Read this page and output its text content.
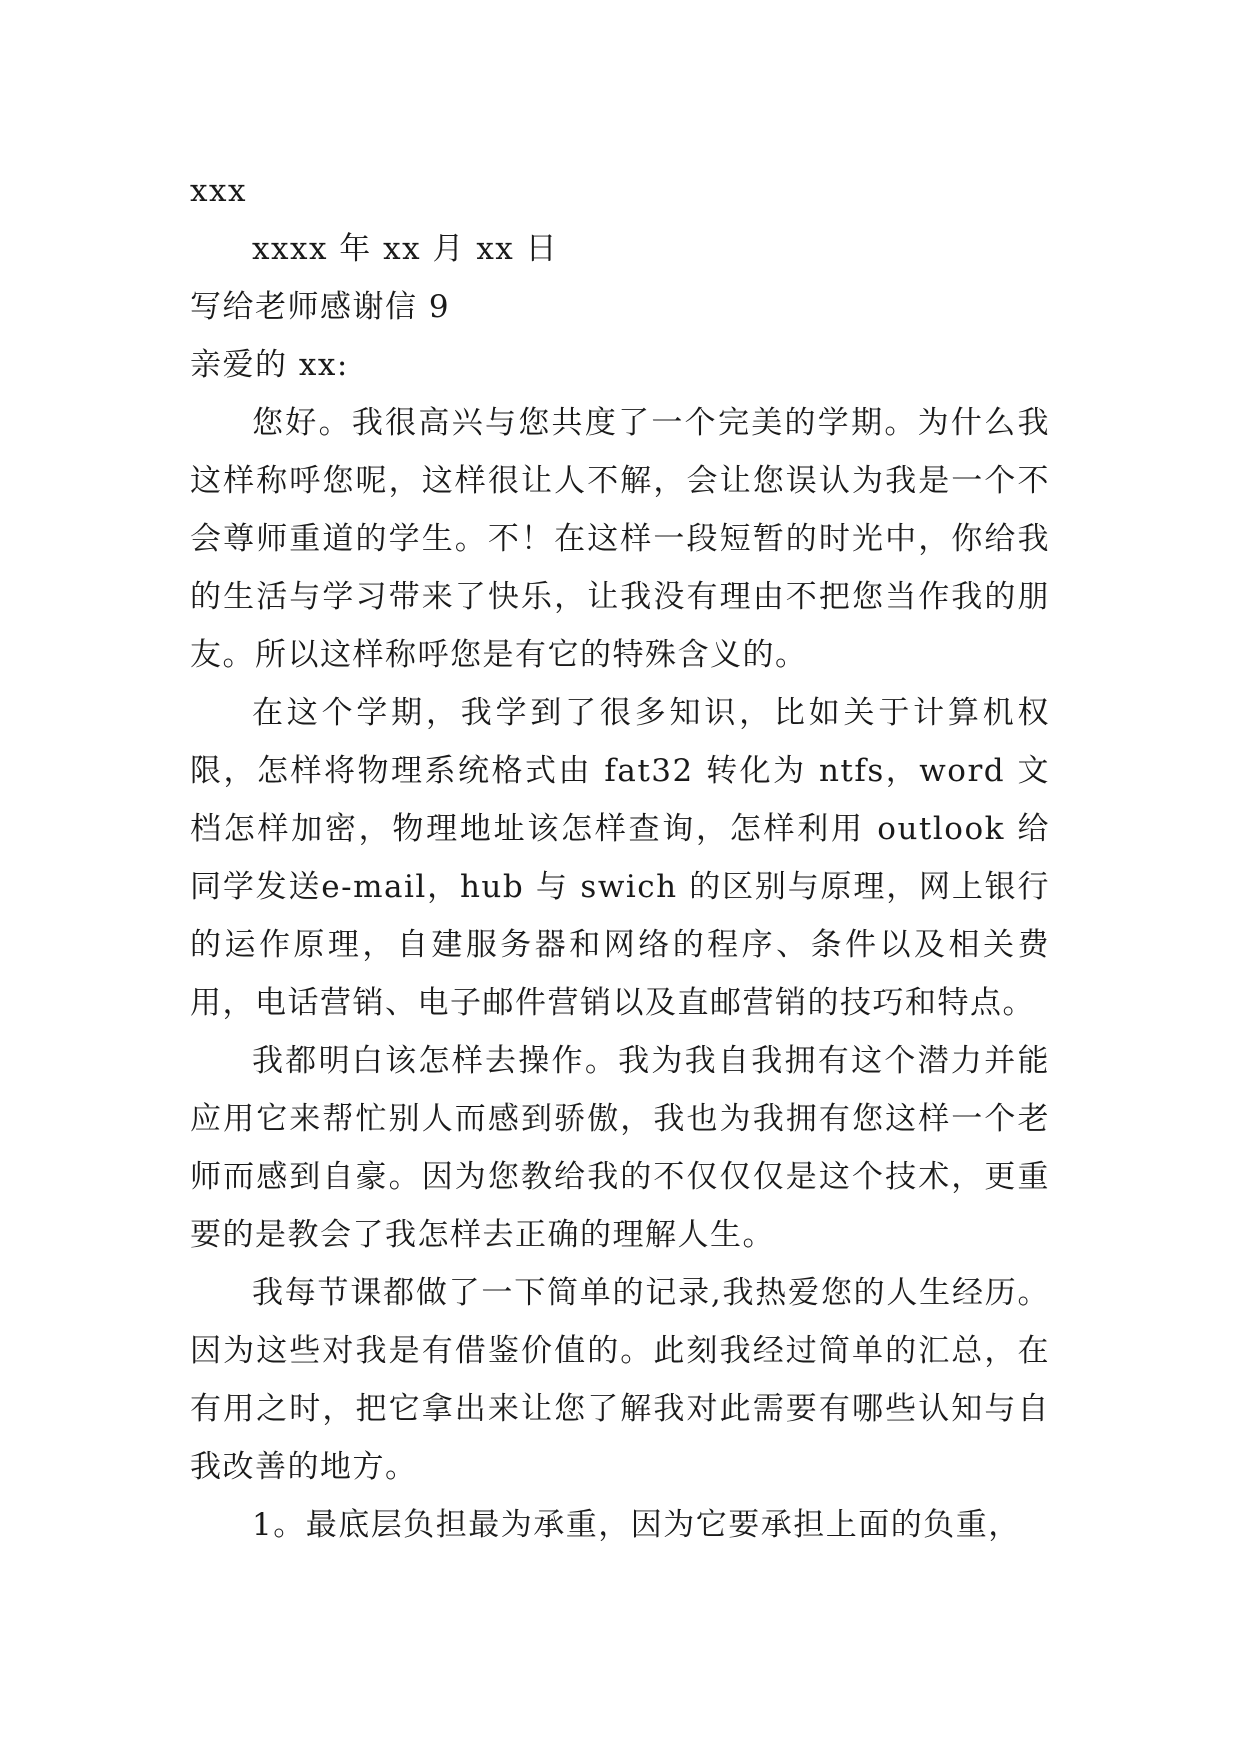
xxx

xxxx 年 xx 月 xx 日

写给老师感谢信 9

亲爱的 xx:

您好。我很高兴与您共度了一个完美的学期。为什么我这样称呼您呢，这样很让人不解，会让您误认为我是一个不会尊师重道的学生。不！在这样一段短暂的时光中，你给我的生活与学习带来了快乐，让我没有理由不把您当作我的朋友。所以这样称呼您是有它的特殊含义的。

在这个学期，我学到了很多知识，比如关于计算机权限，怎样将物理系统格式由 fat32 转化为 ntfs，word 文档怎样加密，物理地址该怎样查询，怎样利用 outlook 给同学发送e-mail，hub 与 swich 的区别与原理，网上银行的运作原理，自建服务器和网络的程序、条件以及相关费用，电话营销、电子邮件营销以及直邮营销的技巧和特点。

我都明白该怎样去操作。我为我自我拥有这个潜力并能应用它来帮忙别人而感到骄傲，我也为我拥有您这样一个老师而感到自豪。因为您教给我的不仅仅仅是这个技术，更重要的是教会了我怎样去正确的理解人生。

我每节课都做了一下简单的记录,我热爱您的人生经历。因为这些对我是有借鉴价值的。此刻我经过简单的汇总，在有用之时，把它拿出来让您了解我对此需要有哪些认知与自我改善的地方。

1。最底层负担最为承重，因为它要承担上面的负重，
